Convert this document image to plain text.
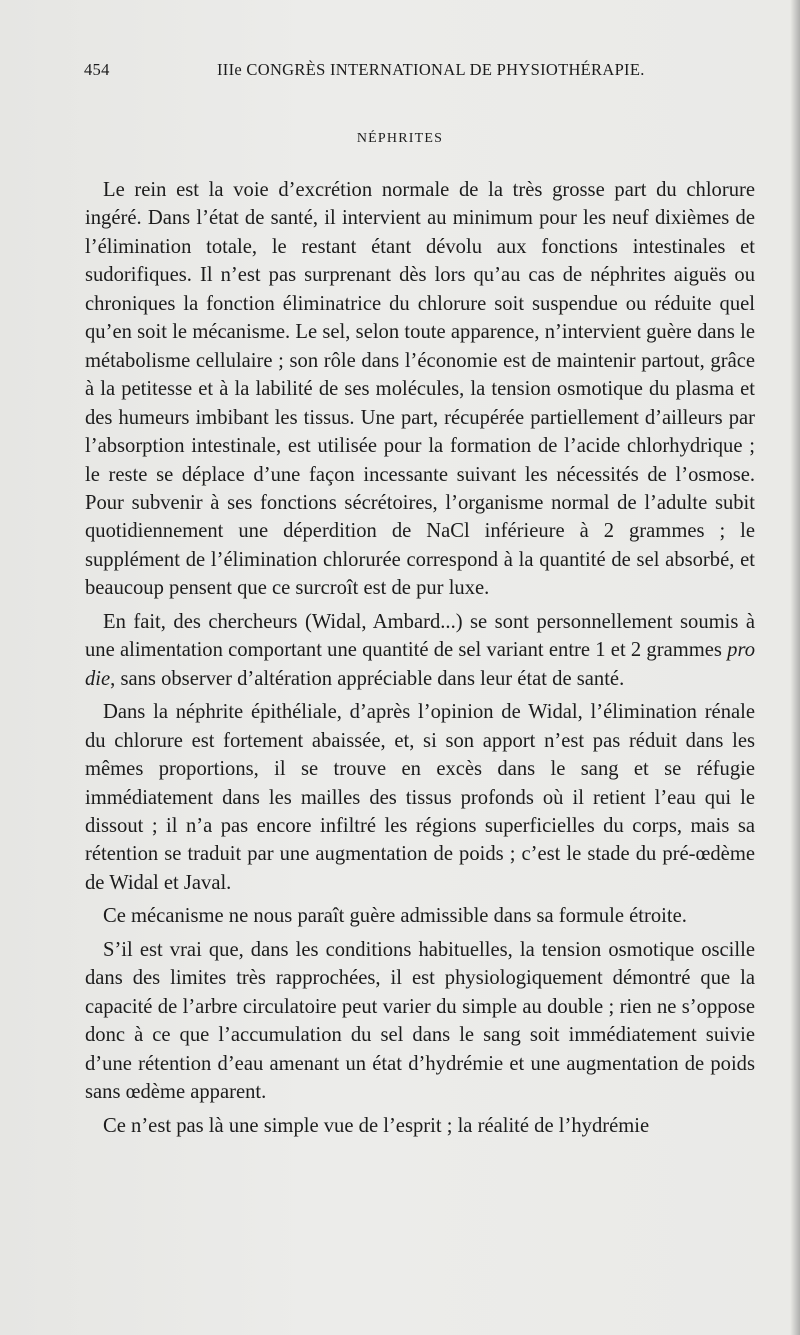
454	IIIe CONGRÈS INTERNATIONAL DE PHYSIOTHÉRAPIE.
NÉPHRITES

Le rein est la voie d’excrétion normale de la très grosse part du chlorure ingéré. Dans l’état de santé, il intervient au minimum pour les neuf dixièmes de l’élimination totale, le restant étant dévolu aux fonctions intestinales et sudorifiques. Il n’est pas surprenant dès lors qu’au cas de néphrites aiguës ou chroniques la fonction éliminatrice du chlorure soit suspendue ou réduite quel qu’en soit le mécanisme. Le sel, selon toute apparence, n’intervient guère dans le métabolisme cellulaire ; son rôle dans l’économie est de maintenir partout, grâce à la petitesse et à la labilité de ses molécules, la tension osmotique du plasma et des humeurs imbibant les tissus. Une part, récupérée partiellement d’ailleurs par l’absorption intestinale, est utilisée pour la formation de l’acide chlorhydrique ; le reste se déplace d’une façon incessante suivant les nécessités de l’osmose. Pour subvenir à ses fonctions sécrétoires, l’organisme normal de l’adulte subit quotidiennement une déperdition de NaCl inférieure à 2 grammes ; le supplément de l’élimination chlorurée correspond à la quantité de sel absorbé, et beaucoup pensent que ce surcroît est de pur luxe.

En fait, des chercheurs (Widal, Ambard...) se sont personnellement soumis à une alimentation comportant une quantité de sel variant entre 1 et 2 grammes pro die, sans observer d’altération appréciable dans leur état de santé.

Dans la néphrite épithéliale, d’après l’opinion de Widal, l’élimination rénale du chlorure est fortement abaissée, et, si son apport n’est pas réduit dans les mêmes proportions, il se trouve en excès dans le sang et se réfugie immédiatement dans les mailles des tissus profonds où il retient l’eau qui le dissout ; il n’a pas encore infiltré les régions superficielles du corps, mais sa rétention se traduit par une augmentation de poids ; c’est le stade du pré-œdème de Widal et Javal.

Ce mécanisme ne nous paraît guère admissible dans sa formule étroite.

S’il est vrai que, dans les conditions habituelles, la tension osmotique oscille dans des limites très rapprochées, il est physiologiquement démontré que la capacité de l’arbre circulatoire peut varier du simple au double ; rien ne s’oppose donc à ce que l’accumulation du sel dans le sang soit immédiatement suivie d’une rétention d’eau amenant un état d’hydrémie et une augmentation de poids sans œdème apparent.

Ce n’est pas là une simple vue de l’esprit ; la réalité de l’hydrémie
